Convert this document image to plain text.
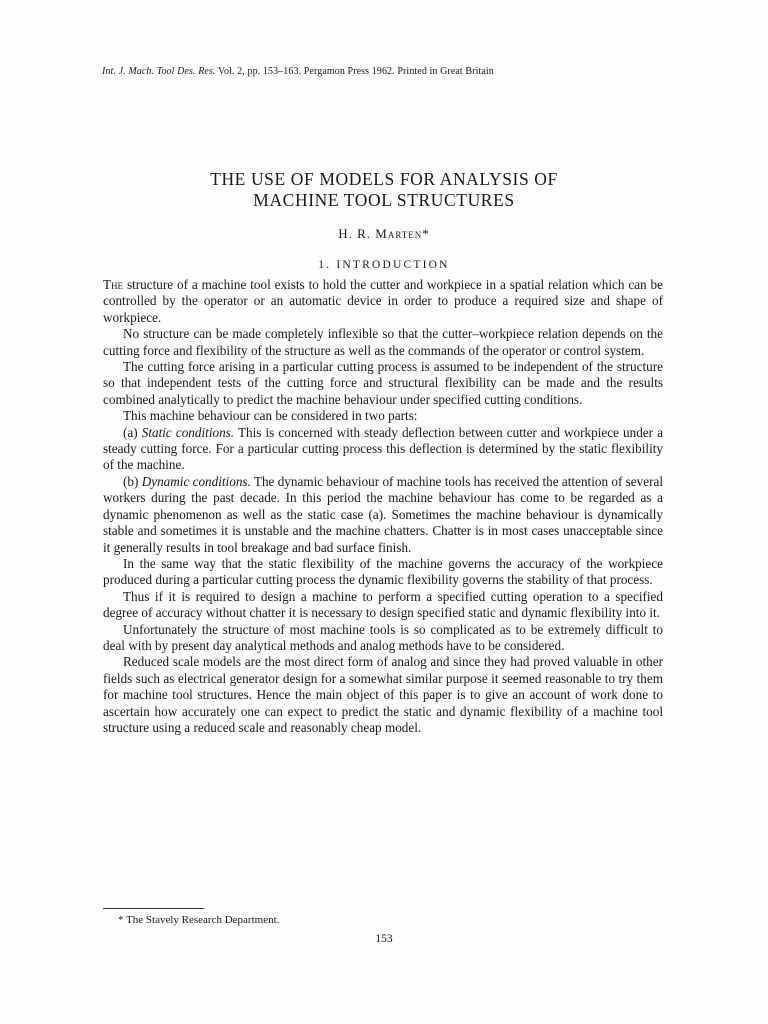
Int. J. Mach. Tool Des. Res. Vol. 2, pp. 153–163. Pergamon Press 1962. Printed in Great Britain
THE USE OF MODELS FOR ANALYSIS OF
MACHINE TOOL STRUCTURES
H. R. Marten*
1. INTRODUCTION

The structure of a machine tool exists to hold the cutter and workpiece in a spatial relation which can be controlled by the operator or an automatic device in order to produce a required size and shape of workpiece.

No structure can be made completely inflexible so that the cutter–workpiece relation depends on the cutting force and flexibility of the structure as well as the commands of the operator or control system.

The cutting force arising in a particular cutting process is assumed to be independent of the structure so that independent tests of the cutting force and structural flexibility can be made and the results combined analytically to predict the machine behaviour under specified cutting conditions.

This machine behaviour can be considered in two parts:

(a) Static conditions. This is concerned with steady deflection between cutter and workpiece under a steady cutting force. For a particular cutting process this deflection is determined by the static flexibility of the machine.

(b) Dynamic conditions. The dynamic behaviour of machine tools has received the attention of several workers during the past decade. In this period the machine behaviour has come to be regarded as a dynamic phenomenon as well as the static case (a). Sometimes the machine behaviour is dynamically stable and sometimes it is unstable and the machine chatters. Chatter is in most cases unacceptable since it generally results in tool breakage and bad surface finish.

In the same way that the static flexibility of the machine governs the accuracy of the workpiece produced during a particular cutting process the dynamic flexibility governs the stability of that process.

Thus if it is required to design a machine to perform a specified cutting operation to a specified degree of accuracy without chatter it is necessary to design specified static and dynamic flexibility into it.

Unfortunately the structure of most machine tools is so complicated as to be extremely difficult to deal with by present day analytical methods and analog methods have to be considered.

Reduced scale models are the most direct form of analog and since they had proved valuable in other fields such as electrical generator design for a somewhat similar purpose it seemed reasonable to try them for machine tool structures. Hence the main object of this paper is to give an account of work done to ascertain how accurately one can expect to predict the static and dynamic flexibility of a machine tool structure using a reduced scale and reasonably cheap model.

* The Stavely Research Department.
153
